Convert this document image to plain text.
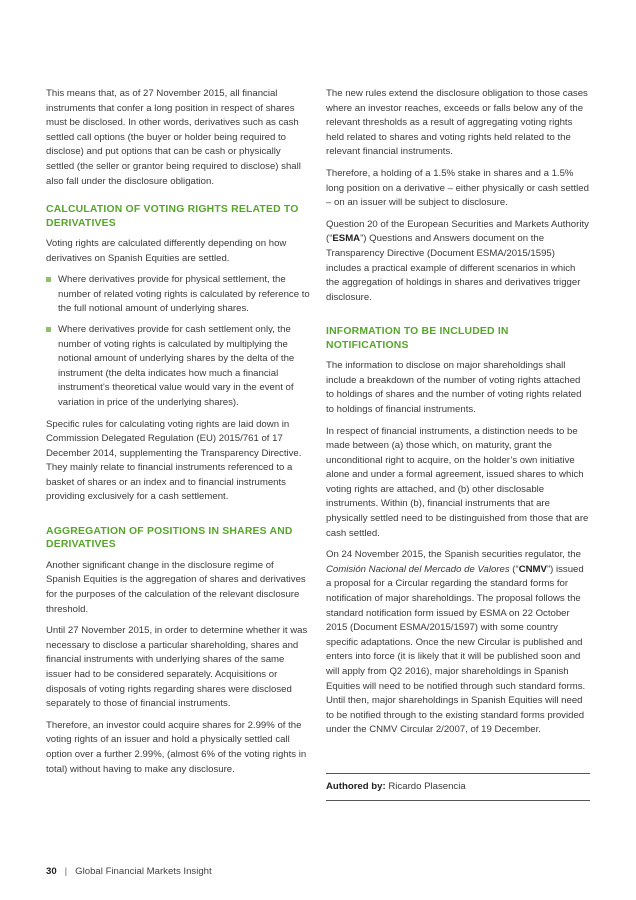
This means that, as of 27 November 2015, all financial instruments that confer a long position in respect of shares must be disclosed. In other words, derivatives such as cash settled call options (the buyer or holder being required to disclose) and put options that can be cash or physically settled (the seller or grantor being required to disclose) shall also fall under the disclosure obligation.

CALCULATION OF VOTING RIGHTS RELATED TO DERIVATIVES

Voting rights are calculated differently depending on how derivatives on Spanish Equities are settled.

Where derivatives provide for physical settlement, the number of related voting rights is calculated by reference to the full notional amount of underlying shares.
Where derivatives provide for cash settlement only, the number of voting rights is calculated by multiplying the notional amount of underlying shares by the delta of the instrument (the delta indicates how much a financial instrument’s theoretical value would vary in the event of variation in price of the underlying shares).

Specific rules for calculating voting rights are laid down in Commission Delegated Regulation (EU) 2015/761 of 17 December 2014, supplementing the Transparency Directive. They mainly relate to financial instruments referenced to a basket of shares or an index and to financial instruments providing exclusively for a cash settlement.

AGGREGATION OF POSITIONS IN SHARES AND DERIVATIVES

Another significant change in the disclosure regime of Spanish Equities is the aggregation of shares and derivatives for the purposes of the calculation of the relevant disclosure threshold.

Until 27 November 2015, in order to determine whether it was necessary to disclose a particular shareholding, shares and financial instruments with underlying shares of the same issuer had to be considered separately. Acquisitions or disposals of voting rights regarding shares were disclosed separately to those of financial instruments.

Therefore, an investor could acquire shares for 2.99% of the voting rights of an issuer and hold a physically settled call option over a further 2.99%, (almost 6% of the voting rights in total) without having to make any disclosure.

The new rules extend the disclosure obligation to those cases where an investor reaches, exceeds or falls below any of the relevant thresholds as a result of aggregating voting rights held related to shares and voting rights held related to the relevant financial instruments.

Therefore, a holding of a 1.5% stake in shares and a 1.5% long position on a derivative – either physically or cash settled – on an issuer will be subject to disclosure.

Question 20 of the European Securities and Markets Authority (“ESMA”) Questions and Answers document on the Transparency Directive (Document ESMA/2015/1595) includes a practical example of different scenarios in which the aggregation of holdings in shares and derivatives trigger disclosure.

INFORMATION TO BE INCLUDED IN NOTIFICATIONS

The information to disclose on major shareholdings shall include a breakdown of the number of voting rights attached to holdings of shares and the number of voting rights related to holdings of financial instruments.

In respect of financial instruments, a distinction needs to be made between (a) those which, on maturity, grant the unconditional right to acquire, on the holder’s own initiative alone and under a formal agreement, issued shares to which voting rights are attached, and (b) other disclosable instruments. Within (b), financial instruments that are physically settled need to be distinguished from those that are cash settled.

On 24 November 2015, the Spanish securities regulator, the Comisión Nacional del Mercado de Valores (“CNMV”) issued a proposal for a Circular regarding the standard forms for notification of major shareholdings. The proposal follows the standard notification form issued by ESMA on 22 October 2015 (Document ESMA/2015/1597) with some country specific adaptations. Once the new Circular is published and enters into force (it is likely that it will be published soon and will apply from Q2 2016), major shareholdings in Spanish Equities will need to be notified through such standard forms. Until then, major shareholdings in Spanish Equities will need to be notified through to the existing standard forms provided under the CNMV Circular 2/2007, of 19 December.

Authored by: Ricardo Plasencia
30 | Global Financial Markets Insight
